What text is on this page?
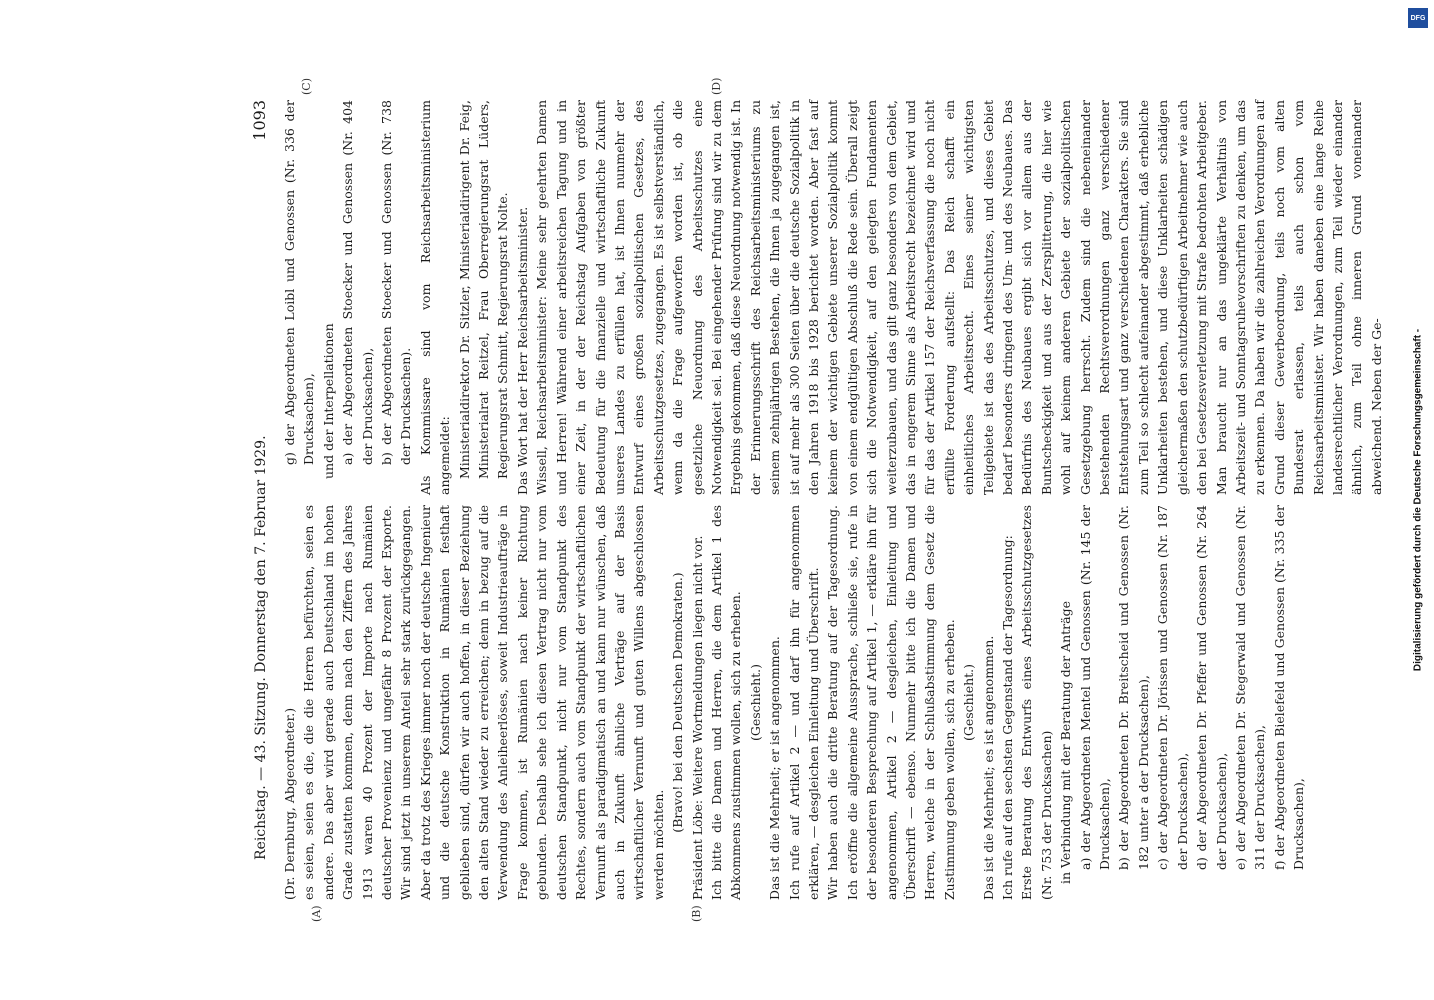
Reichstag. — 43. Sitzung. Donnerstag den 7. Februar 1929.
1093
(A)	(B)
(C)	(D)

(Dr. Dernburg, Abgeordneter.) es seien, seien es die, die die Herren befürchten, seien es andere. Das aber wird gerade auch Deutschland im hohen Grade zustatten kommen, denn nach den Ziffern des Jahres 1913 waren 40 Prozent der Importe nach Rumänien deutscher Provenienz und ungefähr 8 Prozent der Exporte. Wir sind jetzt in unserem Anteil sehr stark zurückgegangen. Aber da trotz des Krieges immer noch der deutsche Ingenieur und die deutsche Konstruktion in Rumänien festhaft geblieben sind, dürfen wir auch hoffen, in dieser Beziehung den alten Stand wieder zu erreichen; denn in bezug auf die Verwendung des Anleiheerlöses, soweit Industrieaufträge in Frage kommen, ist Rumänien nach keiner Richtung gebunden. Deshalb sehe ich diesen Vertrag nicht nur vom deutschen Standpunkt, nicht nur vom Standpunkt des Rechtes, sondern auch vom Standpunkt der wirtschaftlichen Vernunft als paradigmatisch an und kann nur wünschen, daß auch in Zukunft ähnliche Verträge auf der Basis wirtschaftlicher Vernunft und guten Willens abgeschlossen werden möchten.

(Bravo! bei den Deutschen Demokraten.) Präsident Löbe: Weitere Wortmeldungen liegen nicht vor. Ich bitte die Damen und Herren, die dem Artikel 1 des Abkommens zustimmen wollen, sich zu erheben. (Geschieht.) Das ist die Mehrheit; er ist angenommen. Ich rufe auf Artikel 2 — und darf ihn für angenommen erklären, — desgleichen Einleitung und Überschrift. Wir haben auch die dritte Beratung auf der Tagesordnung. Ich eröffne die allgemeine Aussprache, schließe sie, rufe in der besonderen Besprechung auf Artikel 1, — erkläre ihn für angenommen, Artikel 2 — desgleichen, Einleitung und Überschrift — ebenso. Nunmehr bitte ich die Damen und Herren, welche in der Schlußabstimmung dem Gesetz die Zustimmung geben wollen, sich zu erheben. (Geschieht.) Das ist die Mehrheit; es ist angenommen. Ich rufe auf den sechsten Gegenstand der Tagesordnung: Erste Beratung des Entwurfs eines Arbeitsschutzgesetzes (Nr. 753 der Drucksachen) in Verbindung mit der Beratung der Anträge a) der Abgeordneten Mentel und Genossen (Nr. 145 der Drucksachen), b) der Abgeordneten Dr. Breitscheid und Genossen (Nr. 182 unter a der Drucksachen), c) der Abgeordneten Dr. Jörissen und Genossen (Nr. 187 der Drucksachen), d) der Abgeordneten Dr. Pfeffer und Genossen (Nr. 264 der Drucksachen), e) der Abgeordneten Dr. Stegerwald und Genossen (Nr. 311 der Drucksachen), f) der Abgeordneten Bielefeld und Genossen (Nr. 335 der Drucksachen),

g) der Abgeordneten Loibl und Genossen (Nr. 336 der Drucksachen), und der Interpellationen a) der Abgeordneten Stoecker und Genossen (Nr. 404 der Drucksachen), b) der Abgeordneten Stoecker und Genossen (Nr. 738 der Drucksachen). Als Kommissare sind vom Reichsarbeitsministerium angemeldet: Ministerialdirektor Dr. Sitzler, Ministerialdirigent Dr. Feig, Ministerialrat Reitzel, Frau Oberregierungsrat Lüders, Regierungsrat Schmitt, Regierungsrat Nolte. Das Wort hat der Herr Reichsarbeitsminister. Wissell, Reichsarbeitsminister: Meine sehr geehrten Damen und Herren! Während einer arbeitsreichen Tagung und in einer Zeit, in der der Reichstag Aufgaben von größter Bedeutung für die finanzielle und wirtschaftliche Zukunft unseres Landes zu erfüllen hat, ist Ihnen nunmehr der Entwurf eines großen sozialpolitischen Gesetzes, des Arbeitsschutzgesetzes, zugegangen. Es ist selbstverständlich, wenn da die Frage aufgeworfen worden ist, ob die gesetzliche Neuordnung des Arbeitsschutzes eine Notwendigkeit sei. Bei eingehender Prüfung sind wir zu dem Ergebnis gekommen, daß diese Neuordnung notwendig ist. In der Erinnerungsschrift des Reichsarbeitsministeriums zu seinem zehnjährigen Bestehen, die Ihnen ja zugegangen ist, ist auf mehr als 300 Seiten über die deutsche Sozialpolitik in den Jahren 1918 bis 1928 berichtet worden. Aber fast auf keinem der wichtigen Gebiete unserer Sozialpolitik kommt von einem endgültigen Abschluß die Rede sein. Überall zeigt sich die Notwendigkeit, auf den gelegten Fundamenten weiterzubauen, und das gilt ganz besonders von dem Gebiet, das in engerem Sinne als Arbeitsrecht bezeichnet wird und für das der Artikel 157 der Reichsverfassung die noch nicht erfüllte Forderung aufstellt: Das Reich schafft ein einheitliches Arbeitsrecht. Eines seiner wichtigsten Teilgebiete ist das des Arbeitsschutzes, und dieses Gebiet bedarf besonders dringend des Um- und des Neubaues. Das Bedürfnis des Neubaues ergibt sich vor allem aus der Buntscheckigkeit und aus der Zersplitterung, die hier wie wohl auf keinem anderen Gebiete der sozialpolitischen Gesetzgebung herrscht. Zudem sind die nebeneinander bestehenden Rechtsverordnungen ganz verschiedener Entstehungsart und ganz verschiedenen Charakters. Sie sind zum Teil so schlecht aufeinander abgestimmt, daß erhebliche Unklarheiten bestehen, und diese Unklarheiten schädigen gleichermaßen den schutzbedürftigen Arbeitnehmer wie auch den bei Gesetzesverletzung mit Strafe bedrohten Arbeitgeber. Man braucht nur an das ungeklärte Verhältnis von Arbeitszeit- und Sonntagsruhevorschriften zu denken, um das zu erkennen. Da haben wir die zahlreichen Verordnungen auf Grund dieser Gewerbeordnung, teils noch vom alten Bundesrat erlassen, teils auch schon vom Reichsarbeitsminister. Wir haben daneben eine lange Reihe landesrechtlicher Verordnungen, zum Teil wieder einander ähnlich, zum Teil ohne inneren Grund voneinander abweichend. Neben der Ge-

DFG
Digitalisierung gefördert durch die Deutsche Forschungsgemeinschaft -
